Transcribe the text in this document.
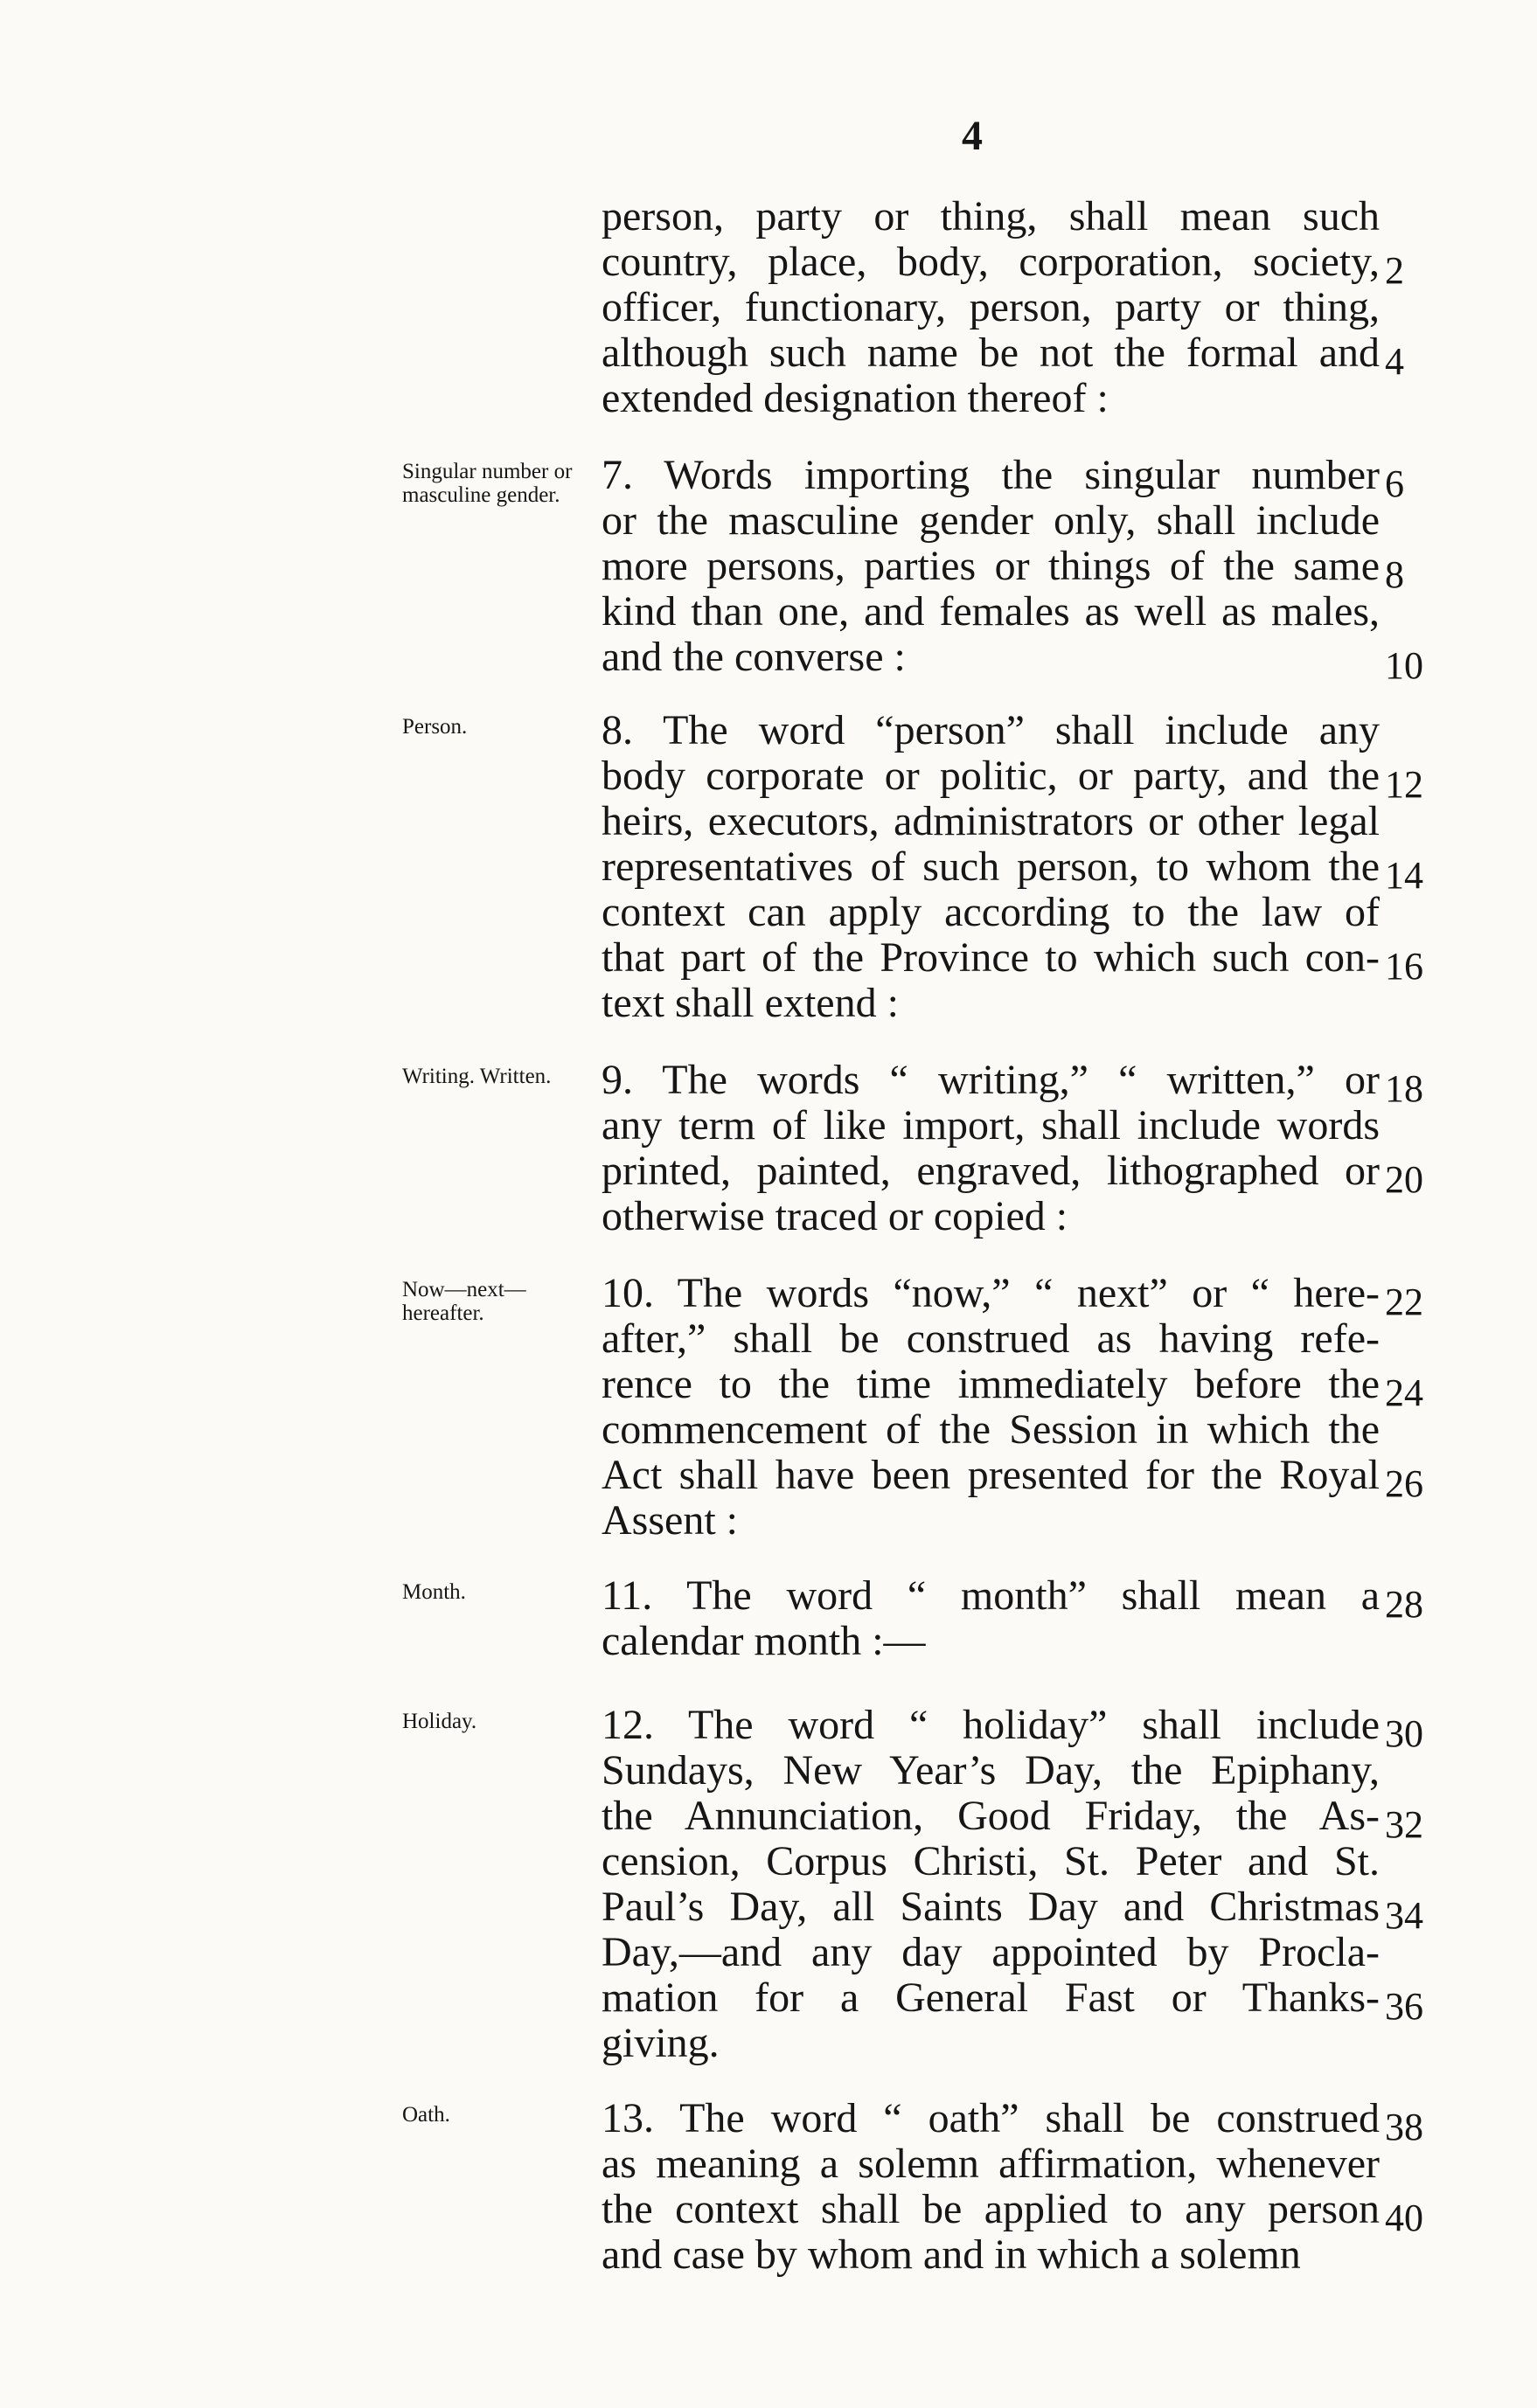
4
person, party or thing, shall mean such
country, place, body, corporation, society, 2
officer, functionary, person, party or thing,
although such name be not the formal and 4
extended designation thereof :
Singular number or masculine gender. 7. Words importing the singular number 6
or the masculine gender only, shall include
more persons, parties or things of the same 8
kind than one, and females as well as males,
and the converse :	10
Person.	8. The word “person” shall include any
body corporate or politic, or party, and the 12
heirs, executors, administrators or other legal
representatives of such person, to whom the 14
context can apply according to the law of
that part of the Province to which such con- 16
text shall extend :
Writing. Written.	9. The words “ writing,” “ written,” or 18
any term of like import, shall include words
printed, painted, engraved, lithographed or 20
otherwise traced or copied :
Now—next—hereafter.	10. The words “now,” “ next” or “ here- 22
after,” shall be construed as having refe-
rence to the time immediately before the 24
commencement of the Session in which the
Act shall have been presented for the Royal 26
Assent :
Month.	11. The word “ month” shall mean a 28
calendar month :—
Holiday.	12. The word “ holiday” shall include 30
Sundays, New Year’s Day, the Epiphany,
the Annunciation, Good Friday, the As- 32
cension, Corpus Christi, St. Peter and St.
Paul’s Day, all Saints Day and Christmas 34
Day,—and any day appointed by Procla-
mation for a General Fast or Thanks- 36
giving.
Oath.	13. The word “ oath” shall be construed 38
as meaning a solemn affirmation, whenever
the context shall be applied to any person 40
and case by whom and in which a solemn
